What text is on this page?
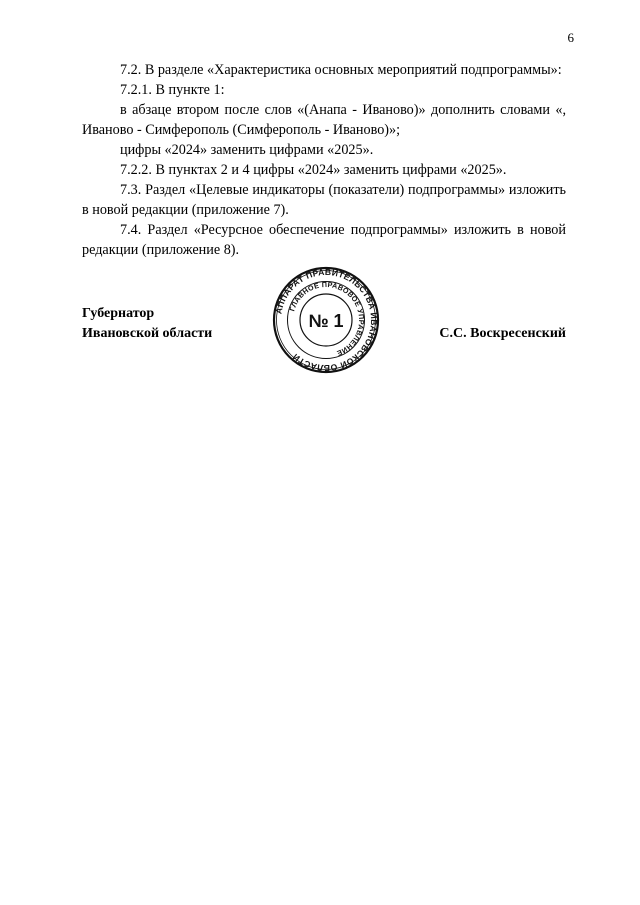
6

7.2. В разделе «Характеристика основных мероприятий подпрограммы»:

7.2.1. В пункте 1:

в абзаце втором после слов «(Анапа - Иваново)» дополнить словами «, Иваново - Симферополь (Симферополь - Иваново)»;

цифры «2024» заменить цифрами «2025».

7.2.2. В пунктах 2 и 4 цифры «2024» заменить цифрами «2025».

7.3. Раздел «Целевые индикаторы (показатели) подпрограммы» изложить в новой редакции (приложение 7).

7.4. Раздел «Ресурсное обеспечение подпрограммы» изложить в новой редакции (приложение 8).

Губернатор
Ивановской области	С.С. Воскресенский
АППАРАТ ПРАВИТЕЛЬСТВА ИВАНОВСКОЙ ОБЛАСТИ
ГЛАВНОЕ ПРАВОВОЕ УПРАВЛЕНИЕ
№ 1
